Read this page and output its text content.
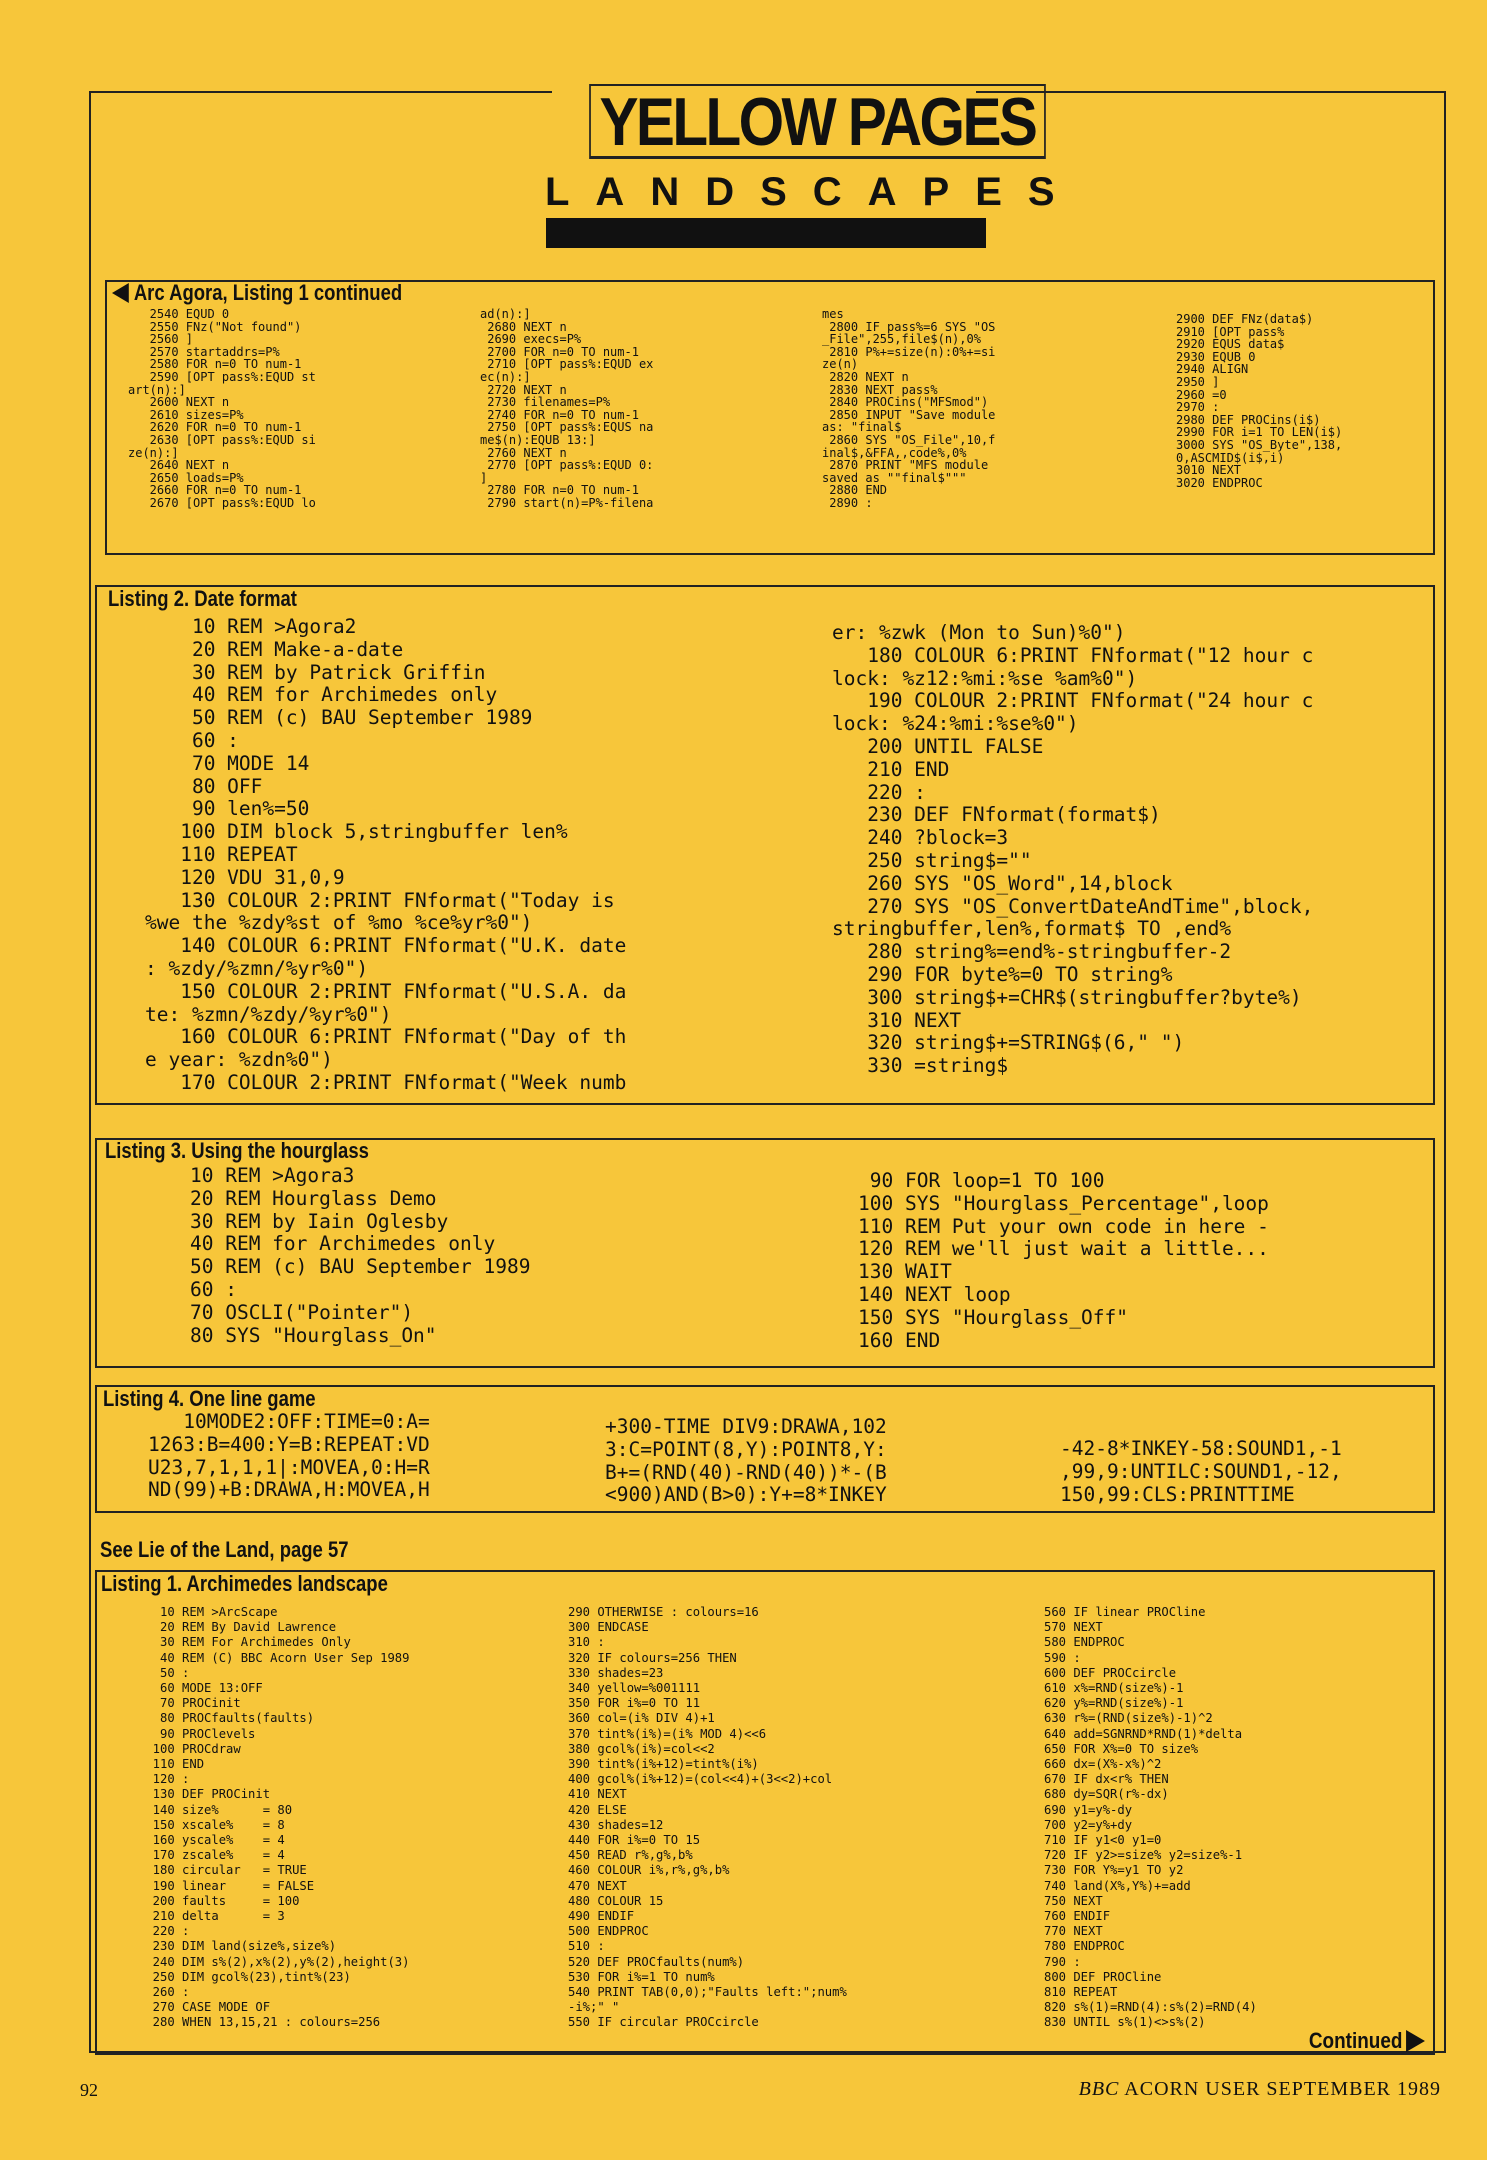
YELLOW PAGES
LANDSCAPES
Arc Agora, Listing 1 continued
2540 EQUD 0
2550 FNz("Not found")
2560 ]
2570 startaddrs=P%
2580 FOR n=0 TO num-1
2590 [OPT pass%:EQUD st
art(n):]
2600 NEXT n
2610 sizes=P%
2620 FOR n=0 TO num-1
2630 [OPT pass%:EQUD si
ze(n):]
2640 NEXT n
2650 loads=P%
2660 FOR n=0 TO num-1
2670 [OPT pass%:EQUD lo
ad(n):]
2680 NEXT n
2690 execs=P%
2700 FOR n=0 TO num-1
2710 [OPT pass%:EQUD ex
ec(n):]
2720 NEXT n
2730 filenames=P%
2740 FOR n=0 TO num-1
2750 [OPT pass%:EQUS na
me$(n):EQUB 13:]
2760 NEXT n
2770 [OPT pass%:EQUD 0:
]
2780 FOR n=0 TO num-1
2790 start(n)=P%-filena
mes
2800 IF pass%=6 SYS "OS
_File",255,file$(n),0%
2810 P%+=size(n):0%+=si
ze(n)
2820 NEXT n
2830 NEXT pass%
2840 PROCins("MFSmod")
2850 INPUT "Save module
as: "final$
2860 SYS "OS_File",10,f
inal$,&FFA,,code%,0%
2870 PRINT "MFS module
saved as ""final$"""
2880 END
2890 :
2900 DEF FNz(data$)
2910 [OPT pass%
2920 EQUS data$
2930 EQUB 0
2940 ALIGN
2950 ]
2960 =0
2970 :
2980 DEF PROCins(i$)
2990 FOR i=1 TO LEN(i$)
3000 SYS "OS_Byte",138,
0,ASCMID$(i$,i)
3010 NEXT
3020 ENDPROC
Listing 2. Date format
10 REM >Agora2
20 REM Make-a-date
30 REM by Patrick Griffin
40 REM for Archimedes only
50 REM (c) BAU September 1989
60 :
70 MODE 14
80 OFF
90 len%=50
100 DIM block 5,stringbuffer len%
110 REPEAT
120 VDU 31,0,9
130 COLOUR 2:PRINT FNformat("Today is
%we the %zdy%st of %mo %ce%yr%0")
140 COLOUR 6:PRINT FNformat("U.K. date
: %zdy/%zmn/%yr%0")
150 COLOUR 2:PRINT FNformat("U.S.A. da
te: %zmn/%zdy/%yr%0")
160 COLOUR 6:PRINT FNformat("Day of th
e year: %zdn%0")
170 COLOUR 2:PRINT FNformat("Week numb
er: %zwk (Mon to Sun)%0")
180 COLOUR 6:PRINT FNformat("12 hour c
lock: %z12:%mi:%se %am%0")
190 COLOUR 2:PRINT FNformat("24 hour c
lock: %24:%mi:%se%0")
200 UNTIL FALSE
210 END
220 :
230 DEF FNformat(format$)
240 ?block=3
250 string$=""
260 SYS "OS_Word",14,block
270 SYS "OS_ConvertDateAndTime",block,
stringbuffer,len%,format$ TO ,end%
280 string%=end%-stringbuffer-2
290 FOR byte%=0 TO string%
300 string$+=CHR$(stringbuffer?byte%)
310 NEXT
320 string$+=STRING$(6," ")
330 =string$
Listing 3. Using the hourglass
10 REM >Agora3
20 REM Hourglass Demo
30 REM by Iain Oglesby
40 REM for Archimedes only
50 REM (c) BAU September 1989
60 :
70 OSCLI("Pointer")
80 SYS "Hourglass_On"
90 FOR loop=1 TO 100
100 SYS "Hourglass_Percentage",loop
110 REM Put your own code in here -
120 REM we'll just wait a little...
130 WAIT
140 NEXT loop
150 SYS "Hourglass_Off"
160 END
Listing 4. One line game
10MODE2:OFF:TIME=0:A=
1263:B=400:Y=B:REPEAT:VD
U23,7,1,1,1|:MOVEA,0:H=R
ND(99)+B:DRAWA,H:MOVEA,H
+300-TIME DIV9:DRAWA,102
3:C=POINT(8,Y):POINT8,Y:
B+=(RND(40)-RND(40))*-(B
<900)AND(B>0):Y+=8*INKEY
-42-8*INKEY-58:SOUND1,-1
,99,9:UNTILC:SOUND1,-12,
150,99:CLS:PRINTTIME
See Lie of the Land, page 57
Listing 1. Archimedes landscape
10 REM >ArcScape
20 REM By David Lawrence
30 REM For Archimedes Only
40 REM (C) BBC Acorn User Sep 1989
50 :
60 MODE 13:OFF
70 PROCinit
80 PROCfaults(faults)
90 PROClevels
100 PROCdraw
110 END
120 :
130 DEF PROCinit
140 size%      = 80
150 xscale%    = 8
160 yscale%    = 4
170 zscale%    = 4
180 circular   = TRUE
190 linear     = FALSE
200 faults     = 100
210 delta      = 3
220 :
230 DIM land(size%,size%)
240 DIM s%(2),x%(2),y%(2),height(3)
250 DIM gcol%(23),tint%(23)
260 :
270 CASE MODE OF
280 WHEN 13,15,21 : colours=256
290 OTHERWISE : colours=16
300 ENDCASE
310 :
320 IF colours=256 THEN
330 shades=23
340 yellow=%001111
350 FOR i%=0 TO 11
360 col=(i% DIV 4)+1
370 tint%(i%)=(i% MOD 4)<<6
380 gcol%(i%)=col<<2
390 tint%(i%+12)=tint%(i%)
400 gcol%(i%+12)=(col<<4)+(3<<2)+col
410 NEXT
420 ELSE
430 shades=12
440 FOR i%=0 TO 15
450 READ r%,g%,b%
460 COLOUR i%,r%,g%,b%
470 NEXT
480 COLOUR 15
490 ENDIF
500 ENDPROC
510 :
520 DEF PROCfaults(num%)
530 FOR i%=1 TO num%
540 PRINT TAB(0,0);"Faults left:";num%
-i%;" "
550 IF circular PROCcircle
560 IF linear PROCline
570 NEXT
580 ENDPROC
590 :
600 DEF PROCcircle
610 x%=RND(size%)-1
620 y%=RND(size%)-1
630 r%=(RND(size%)-1)^2
640 add=SGNRND*RND(1)*delta
650 FOR X%=0 TO size%
660 dx=(X%-x%)^2
670 IF dx<r% THEN
680 dy=SQR(r%-dx)
690 y1=y%-dy
700 y2=y%+dy
710 IF y1<0 y1=0
720 IF y2>=size% y2=size%-1
730 FOR Y%=y1 TO y2
740 land(X%,Y%)+=add
750 NEXT
760 ENDIF
770 NEXT
780 ENDPROC
790 :
800 DEF PROCline
810 REPEAT
820 s%(1)=RND(4):s%(2)=RND(4)
830 UNTIL s%(1)<>s%(2)
Continued
92	BBC ACORN USER SEPTEMBER 1989
